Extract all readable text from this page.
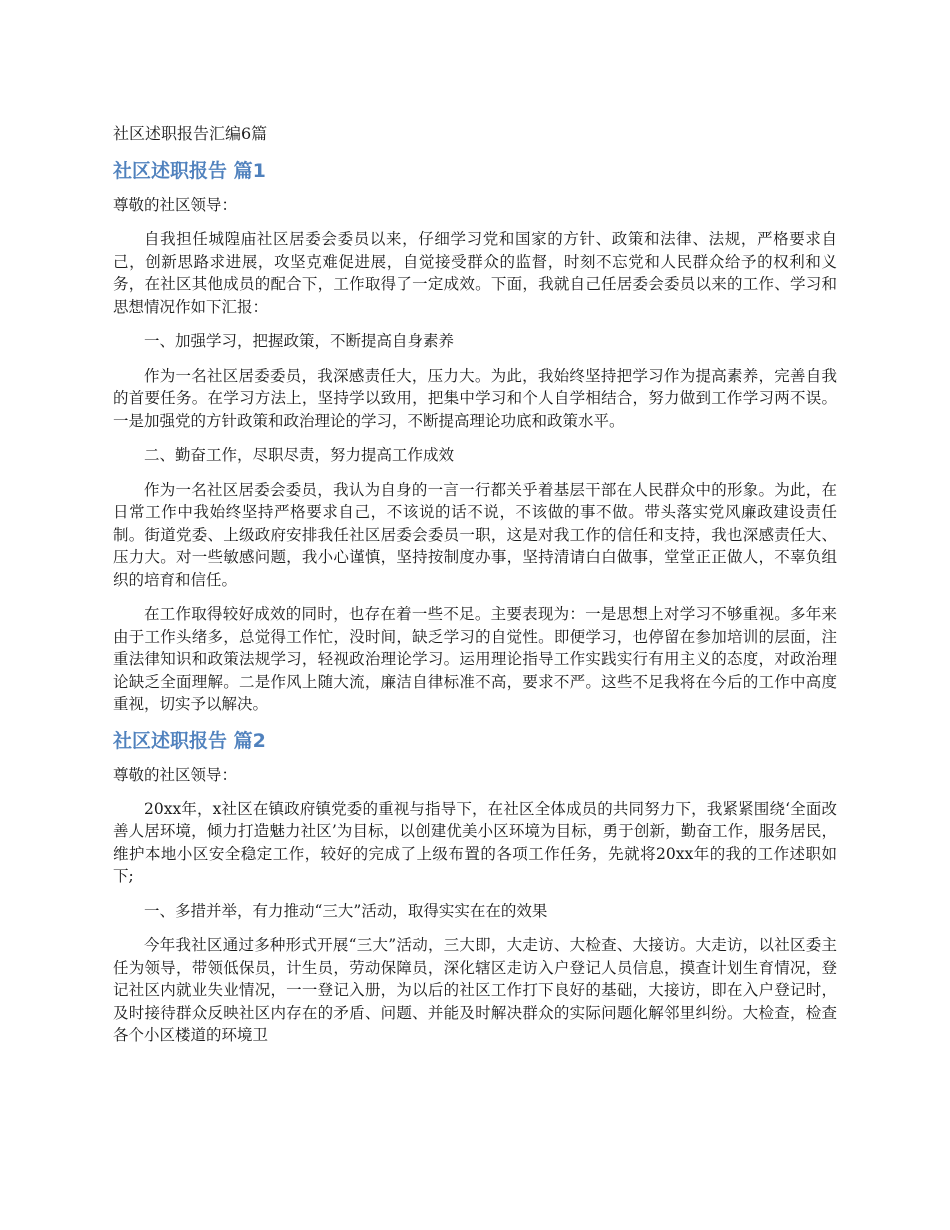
社区述职报告汇编6篇
社区述职报告 篇1
尊敬的社区领导：

自我担任城隍庙社区居委会委员以来，仔细学习党和国家的方针、政策和法律、法规，严格要求自己，创新思路求进展，攻坚克难促进展，自觉接受群众的监督，时刻不忘党和人民群众给予的权利和义务，在社区其他成员的配合下，工作取得了一定成效。下面，我就自己任居委会委员以来的工作、学习和思想情况作如下汇报：

一、加强学习，把握政策，不断提高自身素养

作为一名社区居委委员，我深感责任大，压力大。为此，我始终坚持把学习作为提高素养，完善自我的首要任务。在学习方法上，坚持学以致用，把集中学习和个人自学相结合，努力做到工作学习两不误。一是加强党的方针政策和政治理论的学习，不断提高理论功底和政策水平。

二、勤奋工作，尽职尽责，努力提高工作成效

作为一名社区居委会委员，我认为自身的一言一行都关乎着基层干部在人民群众中的形象。为此，在日常工作中我始终坚持严格要求自己，不该说的话不说，不该做的事不做。带头落实党风廉政建设责任制。街道党委、上级政府安排我任社区居委会委员一职，这是对我工作的信任和支持，我也深感责任大、压力大。对一些敏感问题，我小心谨慎，坚持按制度办事，坚持清请白白做事，堂堂正正做人，不辜负组织的培育和信任。

在工作取得较好成效的同时，也存在着一些不足。主要表现为：一是思想上对学习不够重视。多年来由于工作头绪多，总觉得工作忙，没时间，缺乏学习的自觉性。即便学习，也停留在参加培训的层面，注重法律知识和政策法规学习，轻视政治理论学习。运用理论指导工作实践实行有用主义的态度，对政治理论缺乏全面理解。二是作风上随大流，廉洁自律标准不高，要求不严。这些不足我将在今后的工作中高度重视，切实予以解决。

社区述职报告 篇2
尊敬的社区领导：

20xx年，x社区在镇政府镇党委的重视与指导下，在社区全体成员的共同努力下，我紧紧围绕‘全面改善人居环境，倾力打造魅力社区’为目标，以创建优美小区环境为目标，勇于创新，勤奋工作，服务居民，维护本地小区安全稳定工作，较好的完成了上级布置的各项工作任务，先就将20xx年的我的工作述职如下;

一、多措并举，有力推动“三大”活动，取得实实在在的效果

今年我社区通过多种形式开展“三大”活动，三大即，大走访、大检查、大接访。大走访，以社区委主任为领导，带领低保员，计生员，劳动保障员，深化辖区走访入户登记人员信息，摸查计划生育情况，登记社区内就业失业情况，一一登记入册，为以后的社区工作打下良好的基础，大接访，即在入户登记时，及时接待群众反映社区内存在的矛盾、问题、并能及时解决群众的实际问题化解邻里纠纷。大检查，检查各个小区楼道的环境卫
